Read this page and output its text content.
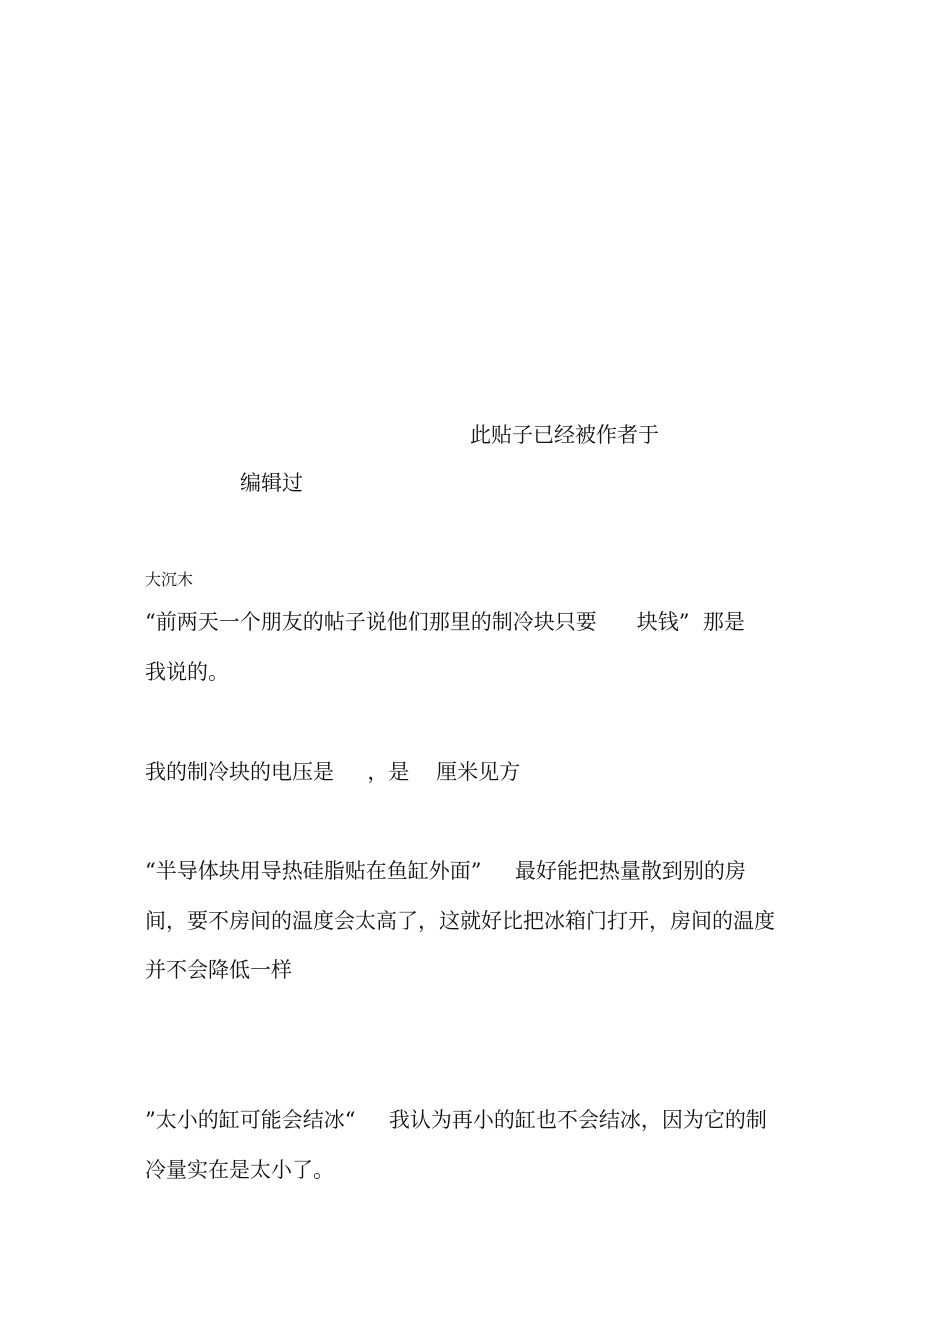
此贴子已经被作者于
编辑过
大沉木
“前两天一个朋友的帖子说他们那里的制冷块只要      块钱”  那是
我说的。
我的制冷块的电压是     ，是    厘米见方
“半导体块用导热硅脂贴在鱼缸外面”     最好能把热量散到别的房
间，要不房间的温度会太高了，这就好比把冰箱门打开，房间的温度
并不会降低一样
”太小的缸可能会结冰“     我认为再小的缸也不会结冰，因为它的制
冷量实在是太小了。
